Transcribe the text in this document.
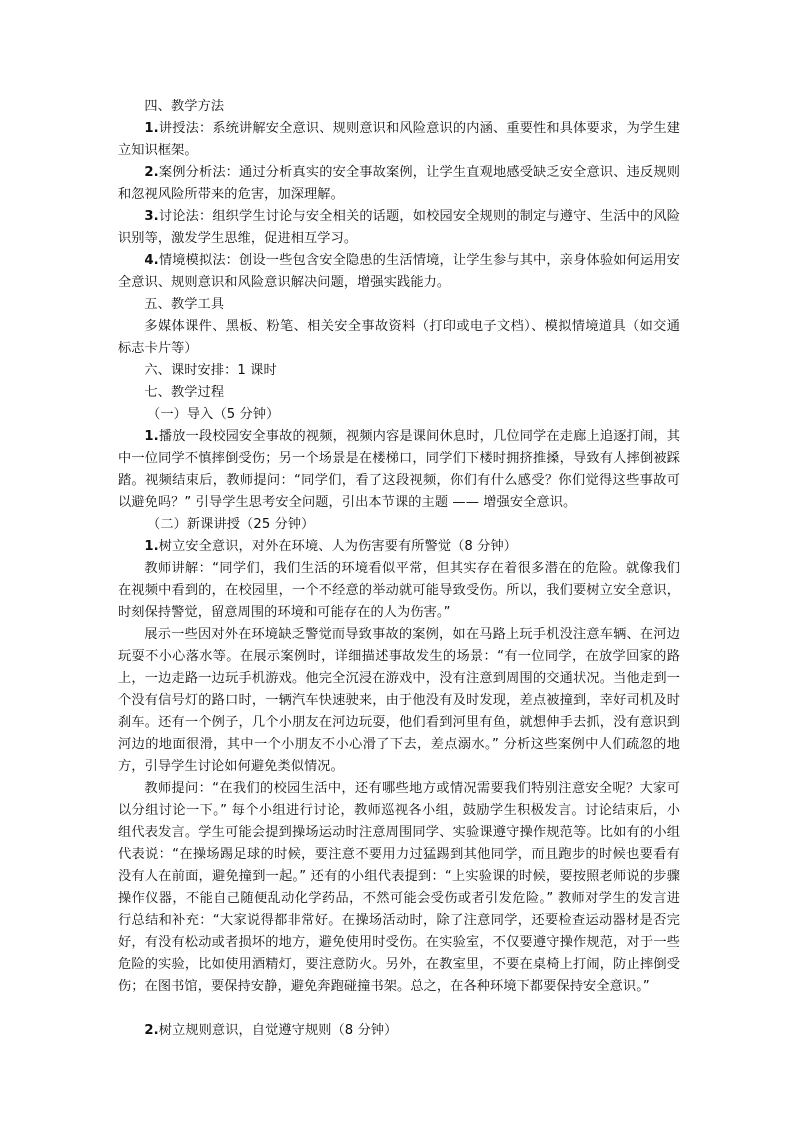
四、教学方法

1.讲授法：系统讲解安全意识、规则意识和风险意识的内涵、重要性和具体要求，为学生建立知识框架。

2.案例分析法：通过分析真实的安全事故案例，让学生直观地感受缺乏安全意识、违反规则和忽视风险所带来的危害，加深理解。

3.讨论法：组织学生讨论与安全相关的话题，如校园安全规则的制定与遵守、生活中的风险识别等，激发学生思维，促进相互学习。

4.情境模拟法：创设一些包含安全隐患的生活情境，让学生参与其中，亲身体验如何运用安全意识、规则意识和风险意识解决问题，增强实践能力。

五、教学工具

多媒体课件、黑板、粉笔、相关安全事故资料（打印或电子文档）、模拟情境道具（如交通标志卡片等）

六、课时安排：1 课时

七、教学过程

（一）导入（5 分钟）

1.播放一段校园安全事故的视频，视频内容是课间休息时，几位同学在走廊上追逐打闹，其中一位同学不慎摔倒受伤；另一个场景是在楼梯口，同学们下楼时拥挤推搡，导致有人摔倒被踩踏。视频结束后，教师提问：“同学们，看了这段视频，你们有什么感受？你们觉得这些事故可以避免吗？” 引导学生思考安全问题，引出本节课的主题 —— 增强安全意识。

（二）新课讲授（25 分钟）

1.树立安全意识，对外在环境、人为伤害要有所警觉（8 分钟）

教师讲解：“同学们，我们生活的环境看似平常，但其实存在着很多潜在的危险。就像我们在视频中看到的，在校园里，一个不经意的举动就可能导致受伤。所以，我们要树立安全意识，时刻保持警觉，留意周围的环境和可能存在的人为伤害。”

展示一些因对外在环境缺乏警觉而导致事故的案例，如在马路上玩手机没注意车辆、在河边玩耍不小心落水等。在展示案例时，详细描述事故发生的场景：“有一位同学，在放学回家的路上，一边走路一边玩手机游戏。他完全沉浸在游戏中，没有注意到周围的交通状况。当他走到一个没有信号灯的路口时，一辆汽车快速驶来，由于他没有及时发现，差点被撞到，幸好司机及时刹车。还有一个例子，几个小朋友在河边玩耍，他们看到河里有鱼，就想伸手去抓，没有意识到河边的地面很滑，其中一个小朋友不小心滑了下去，差点溺水。” 分析这些案例中人们疏忽的地方，引导学生讨论如何避免类似情况。

教师提问：“在我们的校园生活中，还有哪些地方或情况需要我们特别注意安全呢？大家可以分组讨论一下。” 每个小组进行讨论，教师巡视各小组，鼓励学生积极发言。讨论结束后，小组代表发言。学生可能会提到操场运动时注意周围同学、实验课遵守操作规范等。比如有的小组代表说：“在操场踢足球的时候，要注意不要用力过猛踢到其他同学，而且跑步的时候也要看有没有人在前面，避免撞到一起。” 还有的小组代表提到：“上实验课的时候，要按照老师说的步骤操作仪器，不能自己随便乱动化学药品，不然可能会受伤或者引发危险。” 教师对学生的发言进行总结和补充：“大家说得都非常好。在操场活动时，除了注意同学，还要检查运动器材是否完好，有没有松动或者损坏的地方，避免使用时受伤。在实验室，不仅要遵守操作规范，对于一些危险的实验，比如使用酒精灯，要注意防火。另外，在教室里，不要在桌椅上打闹，防止摔倒受伤；在图书馆，要保持安静，避免奔跑碰撞书架。总之，在各种环境下都要保持安全意识。”

2.树立规则意识，自觉遵守规则（8 分钟）
